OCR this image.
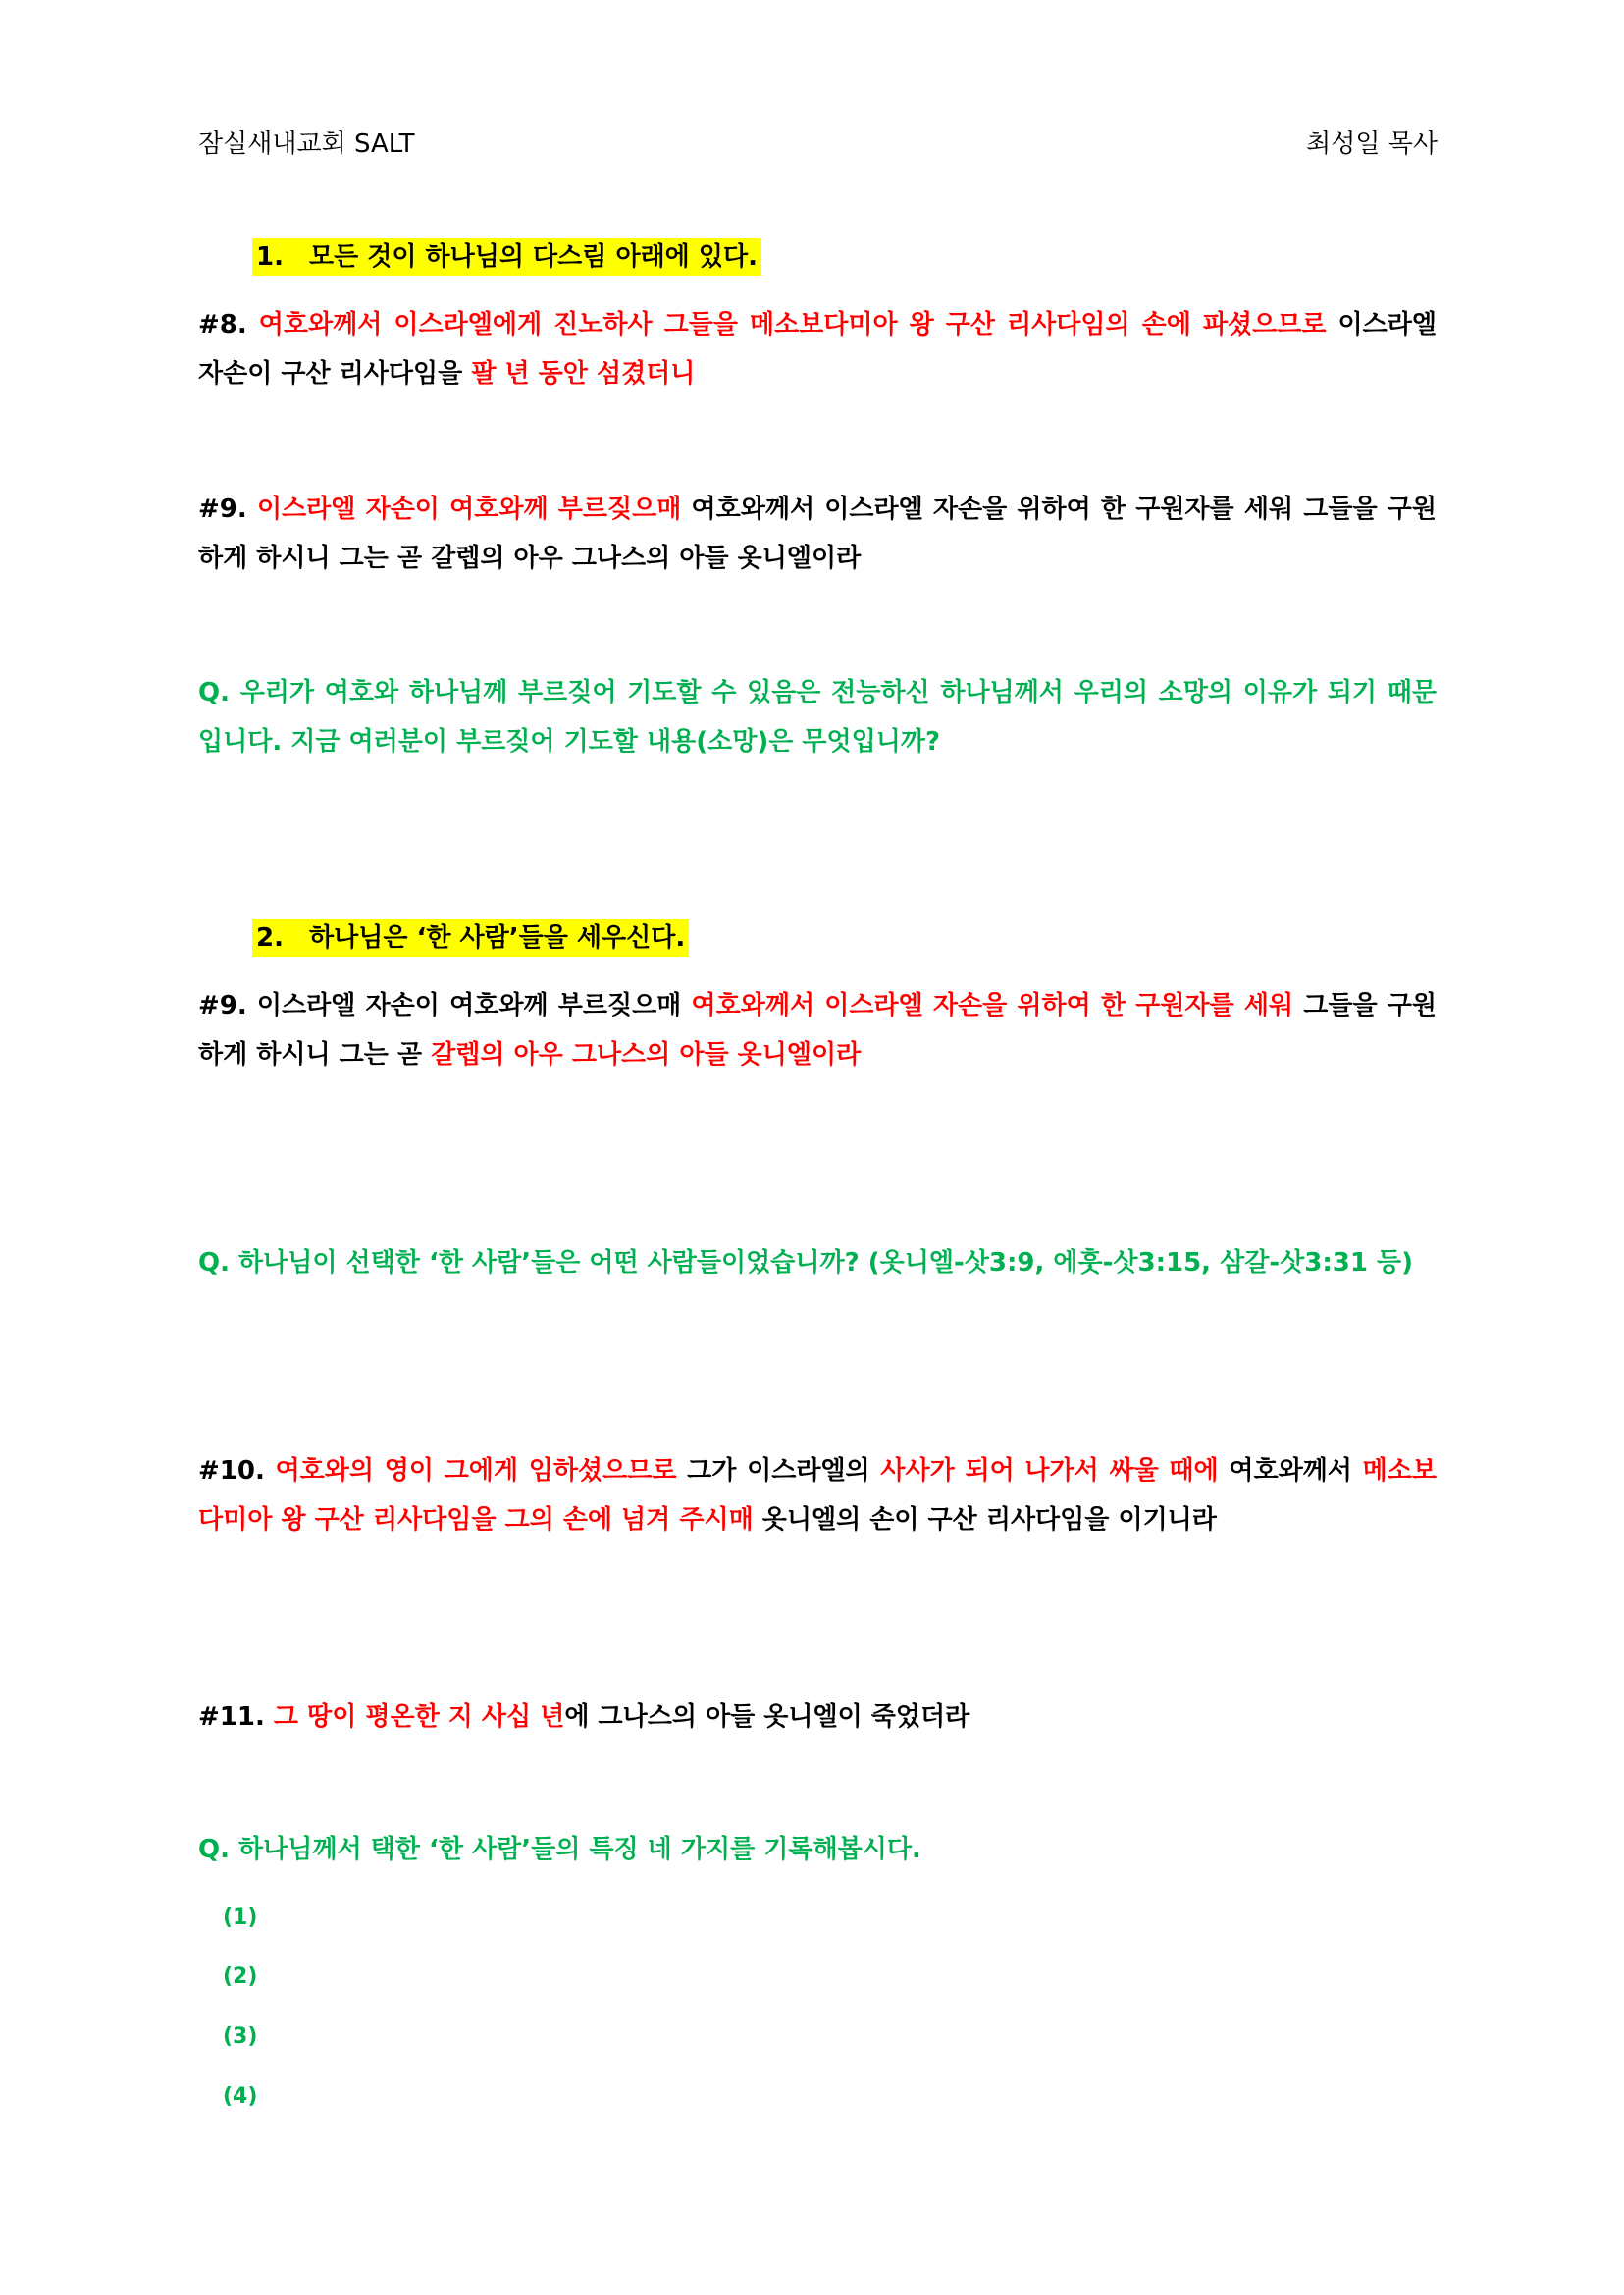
잠실새내교회 SALT	최성일 목사
1. 모든 것이 하나님의 다스림 아래에 있다.
#8. 여호와께서 이스라엘에게 진노하사 그들을 메소보다미아 왕 구산 리사다임의 손에 파셨으므로 이스라엘 자손이 구산 리사다임을 팔 년 동안 섬겼더니
#9. 이스라엘 자손이 여호와께 부르짖으매 여호와께서 이스라엘 자손을 위하여 한 구원자를 세워 그들을 구원하게 하시니 그는 곧 갈렙의 아우 그나스의 아들 옷니엘이라
Q. 우리가 여호와 하나님께 부르짖어 기도할 수 있음은 전능하신 하나님께서 우리의 소망의 이유가 되기 때문입니다. 지금 여러분이 부르짖어 기도할 내용(소망)은 무엇입니까?
2. 하나님은 ‘한 사람’들을 세우신다.
#9. 이스라엘 자손이 여호와께 부르짖으매 여호와께서 이스라엘 자손을 위하여 한 구원자를 세워 그들을 구원하게 하시니 그는 곧 갈렙의 아우 그나스의 아들 옷니엘이라
Q. 하나님이 선택한 ‘한 사람’들은 어떤 사람들이었습니까? (옷니엘-삿3:9, 에훗-삿3:15, 삼갈-삿3:31 등)
#10. 여호와의 영이 그에게 임하셨으므로 그가 이스라엘의 사사가 되어 나가서 싸울 때에 여호와께서 메소보다미아 왕 구산 리사다임을 그의 손에 넘겨 주시매 옷니엘의 손이 구산 리사다임을 이기니라
#11. 그 땅이 평온한 지 사십 년에 그나스의 아들 옷니엘이 죽었더라
Q. 하나님께서 택한 ‘한 사람’들의 특징 네 가지를 기록해봅시다.
(1)
(2)
(3)
(4)
